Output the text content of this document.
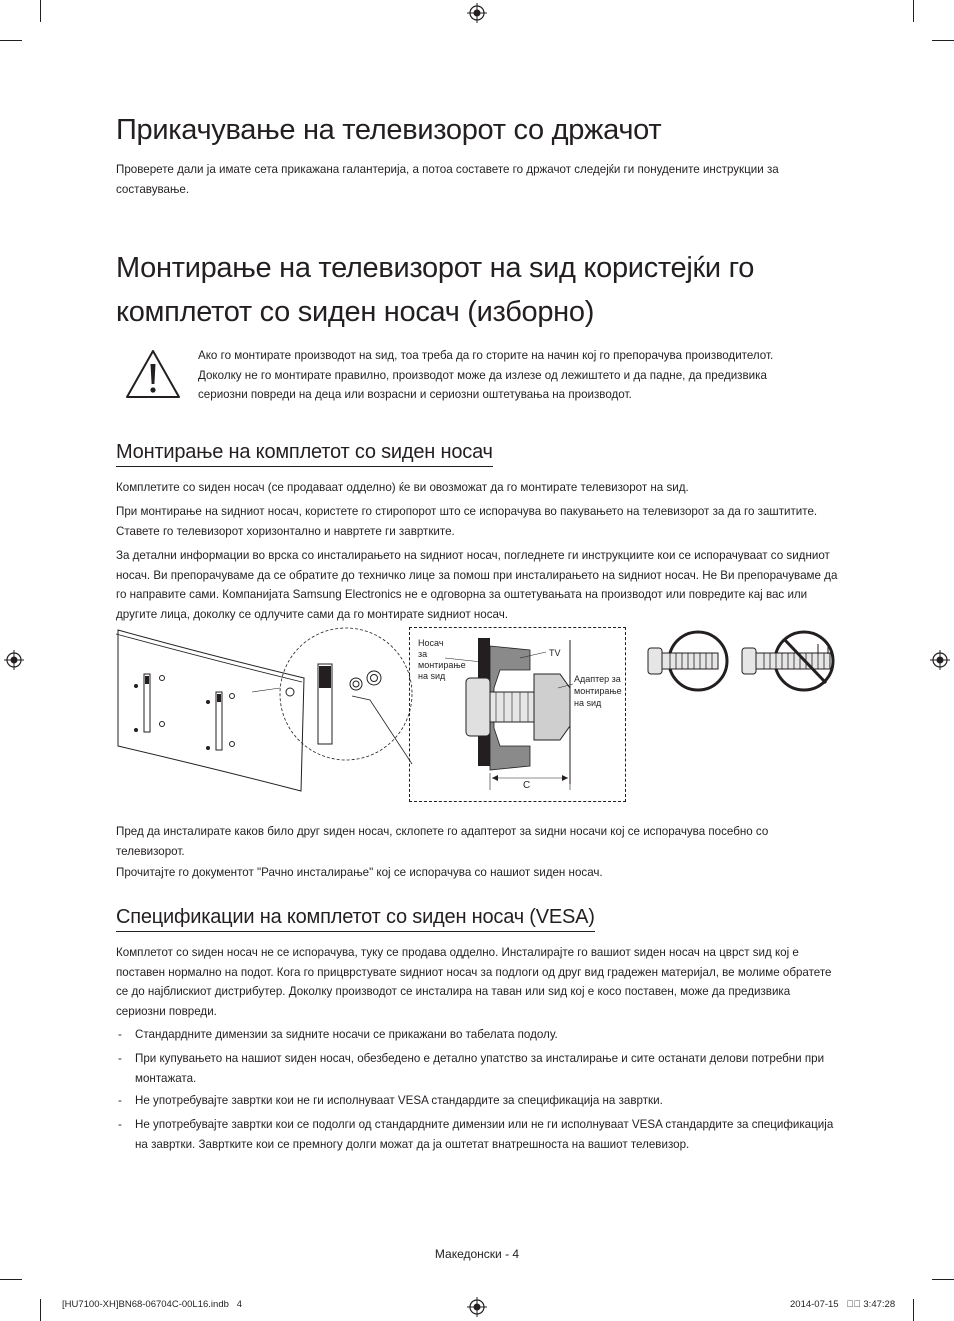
Прикачување на телевизорот со држачот

Проверете дали ја имате сета прикажана галантерија, а потоа составете го држачот следејќи ги понудените инструкции за составување.

Монтирање на телевизорот на ѕид користејќи го
комплетот со ѕиден носач (изборно)
Ако го монтирате производот на ѕид, тоа треба да го сторите на начин кој го препорачува производителот.
Доколку не го монтирате правилно, производот може да излезе од лежиштето и да падне, да предизвика
сериозни повреди на деца или возрасни и сериозни оштетувања на производот.
Монтирање на комплетот со ѕиден носач

Комплетите со ѕиден носач (се продаваат одделно) ќе ви овозможат да го монтирате телевизорот на ѕид.

При монтирање на ѕидниот носач, користете го стиропорот што се испорачува во пакувањето на телевизорот за да го заштитите. Ставете го телевизорот хоризонтално и навртете ги завртките.

За детални информации во врска со инсталирањето на ѕидниот носач, погледнете ги инструкциите кои се испорачуваат со ѕидниот носач. Ви препорачуваме да се обратите до техничко лице за помош при инсталирањето на ѕидниот носач. Не Ви препорачуваме да го направите сами. Компанијата Samsung Electronics не е одговорна за оштетувањата на производот или повредите кај вас или другите лица, доколку се одлучите сами да го монтирате ѕидниот носач.

Носач
за
монтирање
на ѕид
TV
Адаптер за
монтирање
на ѕид
C

Пред да инсталирате каков било друг ѕиден носач, склопете го адаптерот за ѕидни носачи кој се испорачува посебно со телевизорот.

Прочитајте го документот "Рачно инсталирање" кој се испорачува со нашиот ѕиден носач.

Спецификации на комплетот со ѕиден носач (VESA)

Комплетот со ѕиден носач не се испорачува, туку се продава одделно. Инсталирајте го вашиот ѕиден носач на цврст ѕид кој е поставен нормално на подот. Кога го прицврстувате ѕидниот носач за подлоги од друг вид градежен материјал, ве молиме обратете се до најблискиот дистрибутер. Доколку производот се инсталира на таван или ѕид кој е косо поставен, може да предизвика сериозни повреди.

- Стандардните димензии за ѕидните носачи се прикажани во табелата подолу.
- При купувањето на нашиот ѕиден носач, обезбедено е детално упатство за инсталирање и сите останати делови потребни при монтажата.
- Не употребувајте завртки кои не ги исполнуваат VESA стандардите за спецификација на завртки.
- Не употребувајте завртки кои се подолги од стандардните димензии или не ги исполнуваат VESA стандардите за спецификација на завртки. Завртките кои се премногу долги можат да ја оштетат внатрешноста на вашиот телевизор.
Македонски - 4
[HU7100-XH]BN68-06704C-00L16.indb   4	2014-07-15      3:47:28
